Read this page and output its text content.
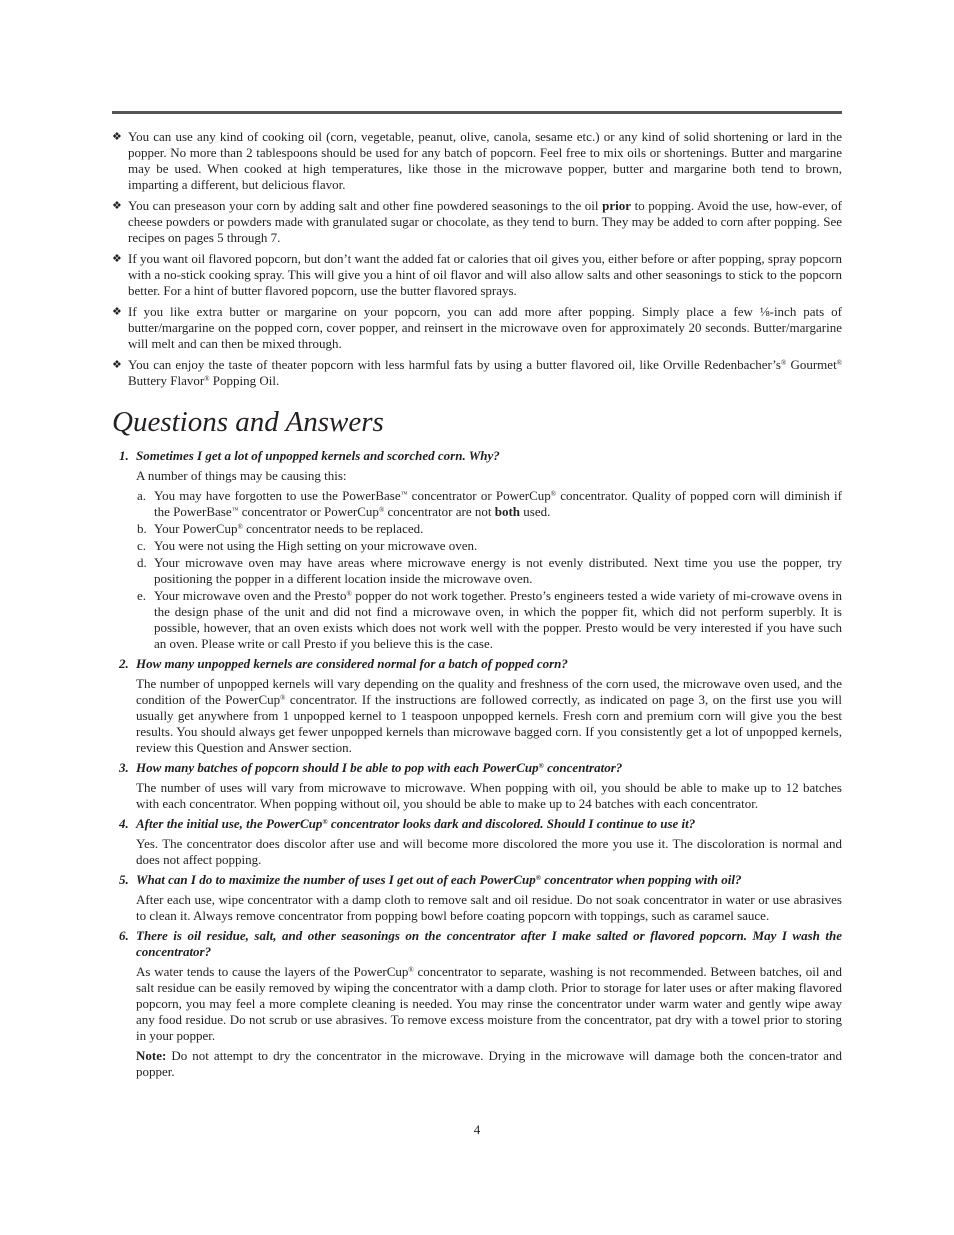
❖ You can use any kind of cooking oil (corn, vegetable, peanut, olive, canola, sesame etc.) or any kind of solid shortening or lard in the popper. No more than 2 tablespoons should be used for any batch of popcorn. Feel free to mix oils or shortenings. Butter and margarine may be used. When cooked at high temperatures, like those in the microwave popper, butter and margarine both tend to brown, imparting a different, but delicious flavor.

❖ You can preseason your corn by adding salt and other fine powdered seasonings to the oil prior to popping. Avoid the use, how-ever, of cheese powders or powders made with granulated sugar or chocolate, as they tend to burn. They may be added to corn after popping. See recipes on pages 5 through 7.

❖ If you want oil flavored popcorn, but don’t want the added fat or calories that oil gives you, either before or after popping, spray popcorn with a no-stick cooking spray. This will give you a hint of oil flavor and will also allow salts and other seasonings to stick to the popcorn better. For a hint of butter flavored popcorn, use the butter flavored sprays.

❖ If you like extra butter or margarine on your popcorn, you can add more after popping. Simply place a few ⅛-inch pats of butter/margarine on the popped corn, cover popper, and reinsert in the microwave oven for approximately 20 seconds. Butter/margarine will melt and can then be mixed through.

❖ You can enjoy the taste of theater popcorn with less harmful fats by using a butter flavored oil, like Orville Redenbacher’s® Gourmet® Buttery Flavor® Popping Oil.

Questions and Answers

1. Sometimes I get a lot of unpopped kernels and scorched corn. Why?

A number of things may be causing this:

a. You may have forgotten to use the PowerBase™ concentrator or PowerCup® concentrator. Quality of popped corn will diminish if the PowerBase™ concentrator or PowerCup® concentrator are not both used.
b. Your PowerCup® concentrator needs to be replaced.
c. You were not using the High setting on your microwave oven.
d. Your microwave oven may have areas where microwave energy is not evenly distributed. Next time you use the popper, try positioning the popper in a different location inside the microwave oven.
e. Your microwave oven and the Presto® popper do not work together. Presto’s engineers tested a wide variety of mi-crowave ovens in the design phase of the unit and did not find a microwave oven, in which the popper fit, which did not perform superbly. It is possible, however, that an oven exists which does not work well with the popper. Presto would be very interested if you have such an oven. Please write or call Presto if you believe this is the case.

2. How many unpopped kernels are considered normal for a batch of popped corn?

The number of unpopped kernels will vary depending on the quality and freshness of the corn used, the microwave oven used, and the condition of the PowerCup® concentrator. If the instructions are followed correctly, as indicated on page 3, on the first use you will usually get anywhere from 1 unpopped kernel to 1 teaspoon unpopped kernels. Fresh corn and premium corn will give you the best results. You should always get fewer unpopped kernels than microwave bagged corn. If you consistently get a lot of unpopped kernels, review this Question and Answer section.

3. How many batches of popcorn should I be able to pop with each PowerCup® concentrator?

The number of uses will vary from microwave to microwave. When popping with oil, you should be able to make up to 12 batches with each concentrator. When popping without oil, you should be able to make up to 24 batches with each concentrator.

4. After the initial use, the PowerCup® concentrator looks dark and discolored. Should I continue to use it?

Yes. The concentrator does discolor after use and will become more discolored the more you use it. The discoloration is normal and does not affect popping.

5. What can I do to maximize the number of uses I get out of each PowerCup® concentrator when popping with oil?

After each use, wipe concentrator with a damp cloth to remove salt and oil residue. Do not soak concentrator in water or use abrasives to clean it. Always remove concentrator from popping bowl before coating popcorn with toppings, such as caramel sauce.

6. There is oil residue, salt, and other seasonings on the concentrator after I make salted or flavored popcorn. May I wash the concentrator?

As water tends to cause the layers of the PowerCup® concentrator to separate, washing is not recommended. Between batches, oil and salt residue can be easily removed by wiping the concentrator with a damp cloth. Prior to storage for later uses or after making flavored popcorn, you may feel a more complete cleaning is needed. You may rinse the concentrator under warm water and gently wipe away any food residue. Do not scrub or use abrasives. To remove excess moisture from the concentrator, pat dry with a towel prior to storing in your popper.

Note: Do not attempt to dry the concentrator in the microwave. Drying in the microwave will damage both the concen-trator and popper.

4
